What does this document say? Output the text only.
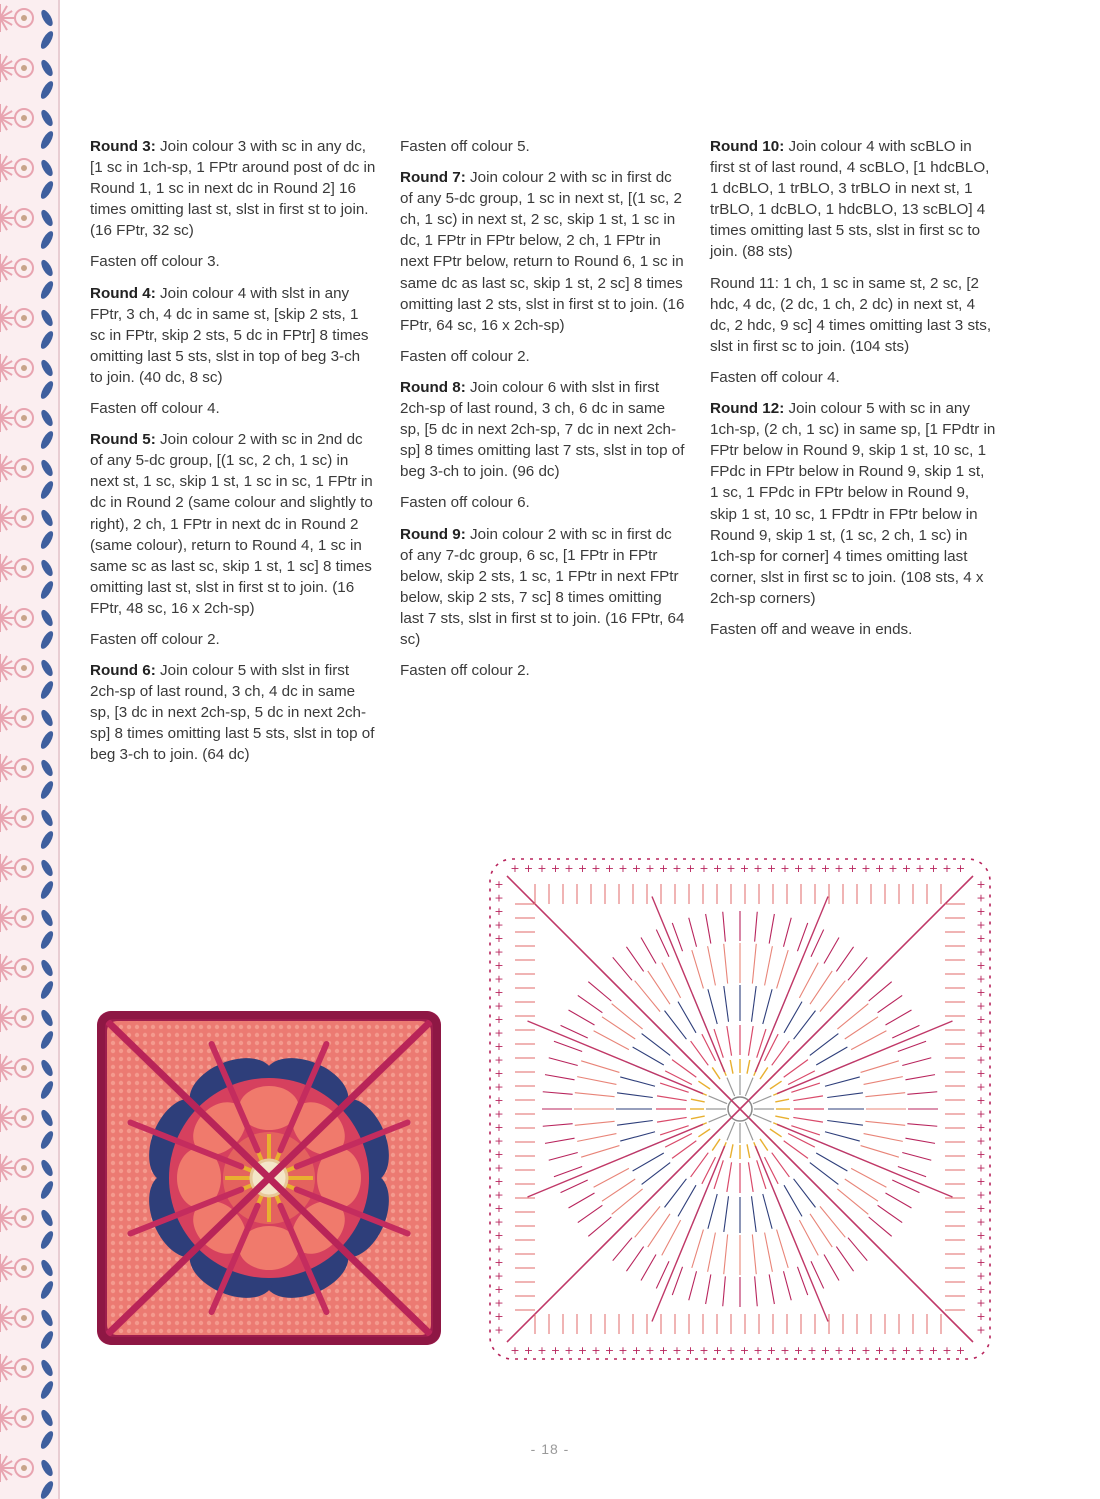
Round 3: Join colour 3 with sc in any dc, [1 sc in 1ch-sp, 1 FPtr around post of dc in Round 1, 1 sc in next dc in Round 2] 16 times omitting last st, slst in first st to join. (16 FPtr, 32 sc)

Fasten off colour 3.

Round 4: Join colour 4 with slst in any FPtr, 3 ch, 4 dc in same st, [skip 2 sts, 1 sc in FPtr, skip 2 sts, 5 dc in FPtr] 8 times omitting last 5 sts, slst in top of beg 3-ch to join. (40 dc, 8 sc)

Fasten off colour 4.

Round 5: Join colour 2 with sc in 2nd dc of any 5-dc group, [(1 sc, 2 ch, 1 sc) in next st, 1 sc, skip 1 st, 1 sc in sc, 1 FPtr in dc in Round 2 (same colour and slightly to right), 2 ch, 1 FPtr in next dc in Round 2 (same colour), return to Round 4, 1 sc in same sc as last sc, skip 1 st, 1 sc] 8 times omitting last st, slst in first st to join. (16 FPtr, 48 sc, 16 x 2ch-sp)

Fasten off colour 2.

Round 6: Join colour 5 with slst in first 2ch-sp of last round, 3 ch, 4 dc in same sp, [3 dc in next 2ch-sp, 5 dc in next 2ch-sp] 8 times omitting last 5 sts, slst in top of beg 3-ch to join. (64 dc)

Fasten off colour 5.

Round 7: Join colour 2 with sc in first dc of any 5-dc group, 1 sc in next st, [(1 sc, 2 ch, 1 sc) in next st, 2 sc, skip 1 st, 1 sc in dc, 1 FPtr in FPtr below, 2 ch, 1 FPtr in next FPtr below, return to Round 6, 1 sc in same dc as last sc, skip 1 st, 2 sc] 8 times omitting last 2 sts, slst in first st to join. (16 FPtr, 64 sc, 16 x 2ch-sp)

Fasten off colour 2.

Round 8: Join colour 6 with slst in first 2ch-sp of last round, 3 ch, 6 dc in same sp, [5 dc in next 2ch-sp, 7 dc in next 2ch-sp] 8 times omitting last 7 sts, slst in top of beg 3-ch to join. (96 dc)

Fasten off colour 6.

Round 9: Join colour 2 with sc in first dc of any 7-dc group, 6 sc, [1 FPtr in FPtr below, skip 2 sts, 1 sc, 1 FPtr in next FPtr below, skip 2 sts, 7 sc] 8 times omitting last 7 sts, slst in first st to join. (16 FPtr, 64 sc)

Fasten off colour 2.

Round 10: Join colour 4 with scBLO in first st of last round, 4 scBLO, [1 hdcBLO, 1 dcBLO, 1 trBLO, 3 trBLO in next st, 1 trBLO, 1 dcBLO, 1 hdcBLO, 13 scBLO] 4 times omitting last 5 sts, slst in first sc to join. (88 sts)

Round 11: 1 ch, 1 sc in same st, 2 sc, [2 hdc, 4 dc, (2 dc, 1 ch, 2 dc) in next st, 4 dc, 2 hdc, 9 sc] 4 times omitting last 3 sts, slst in first sc to join. (104 sts)

Fasten off colour 4.

Round 12: Join colour 5 with sc in any 1ch-sp, (2 ch, 1 sc) in same sp, [1 FPdtr in FPtr below in Round 9, skip 1 st, 10 sc, 1 FPdc in FPtr below in Round 9, skip 1 st, 1 sc, 1 FPdc in FPtr below in Round 9, skip 1 st, 10 sc, 1 FPdtr in FPtr below in Round 9, skip 1 st, (1 sc, 2 ch, 1 sc) in 1ch-sp for corner] 4 times omitting last corner, slst in first sc to join. (108 sts, 4 x 2ch-sp corners)

Fasten off and weave in ends.

+
+
+	+
+
+
+	+
+
+
+	+
+
+
+	+
+
+
+	+
+
+
+	+
+
+
+	+
+
+
+	+
+
+
+	+
+
+
+	+
+
+
+	+
+
+
+	+
+
+
+	+
+
+
+	+
+
+
+	+
+
+
+	+
+
+
+	+
+
+
+	+
+
+
+	+
+
+
+	+
+
+
+	+
+
+
+	+
+
+
+	+
+
+
+	+
+
+
+	+
+
+
+	+
+
+
+	+
+
+
+	+
+
+
+	+
+
+
+	+
+
+
+	+
+
+
+	+
+
+
+	+
+
+
+	+
- 18 -
